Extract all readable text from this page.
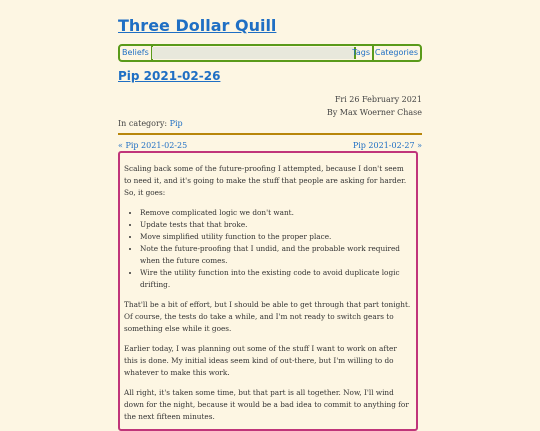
Three Dollar Quill
Beliefs	Tags Categories
Pip 2021-02-26
Fri 26 February 2021
By Max Woerner Chase
In category: Pip
« Pip 2021-02-25	Pip 2021-02-27 »

Scaling back some of the future-proofing I attempted, because I don't seem to need it, and it's going to make the stuff that people are asking for harder. So, it goes:

• Remove complicated logic we don't want.
• Update tests that that broke.
• Move simplified utility function to the proper place.
• Note the future-proofing that I undid, and the probable work required when the future comes.
• Wire the utility function into the existing code to avoid duplicate logic drifting.

That'll be a bit of effort, but I should be able to get through that part tonight. Of course, the tests do take a while, and I'm not ready to switch gears to something else while it goes.

Earlier today, I was planning out some of the stuff I want to work on after this is done. My initial ideas seem kind of out-there, but I'm willing to do whatever to make this work.

All right, it's taken some time, but that part is all together. Now, I'll wind down for the night, because it would be a bad idea to commit to anything for the next fifteen minutes.
